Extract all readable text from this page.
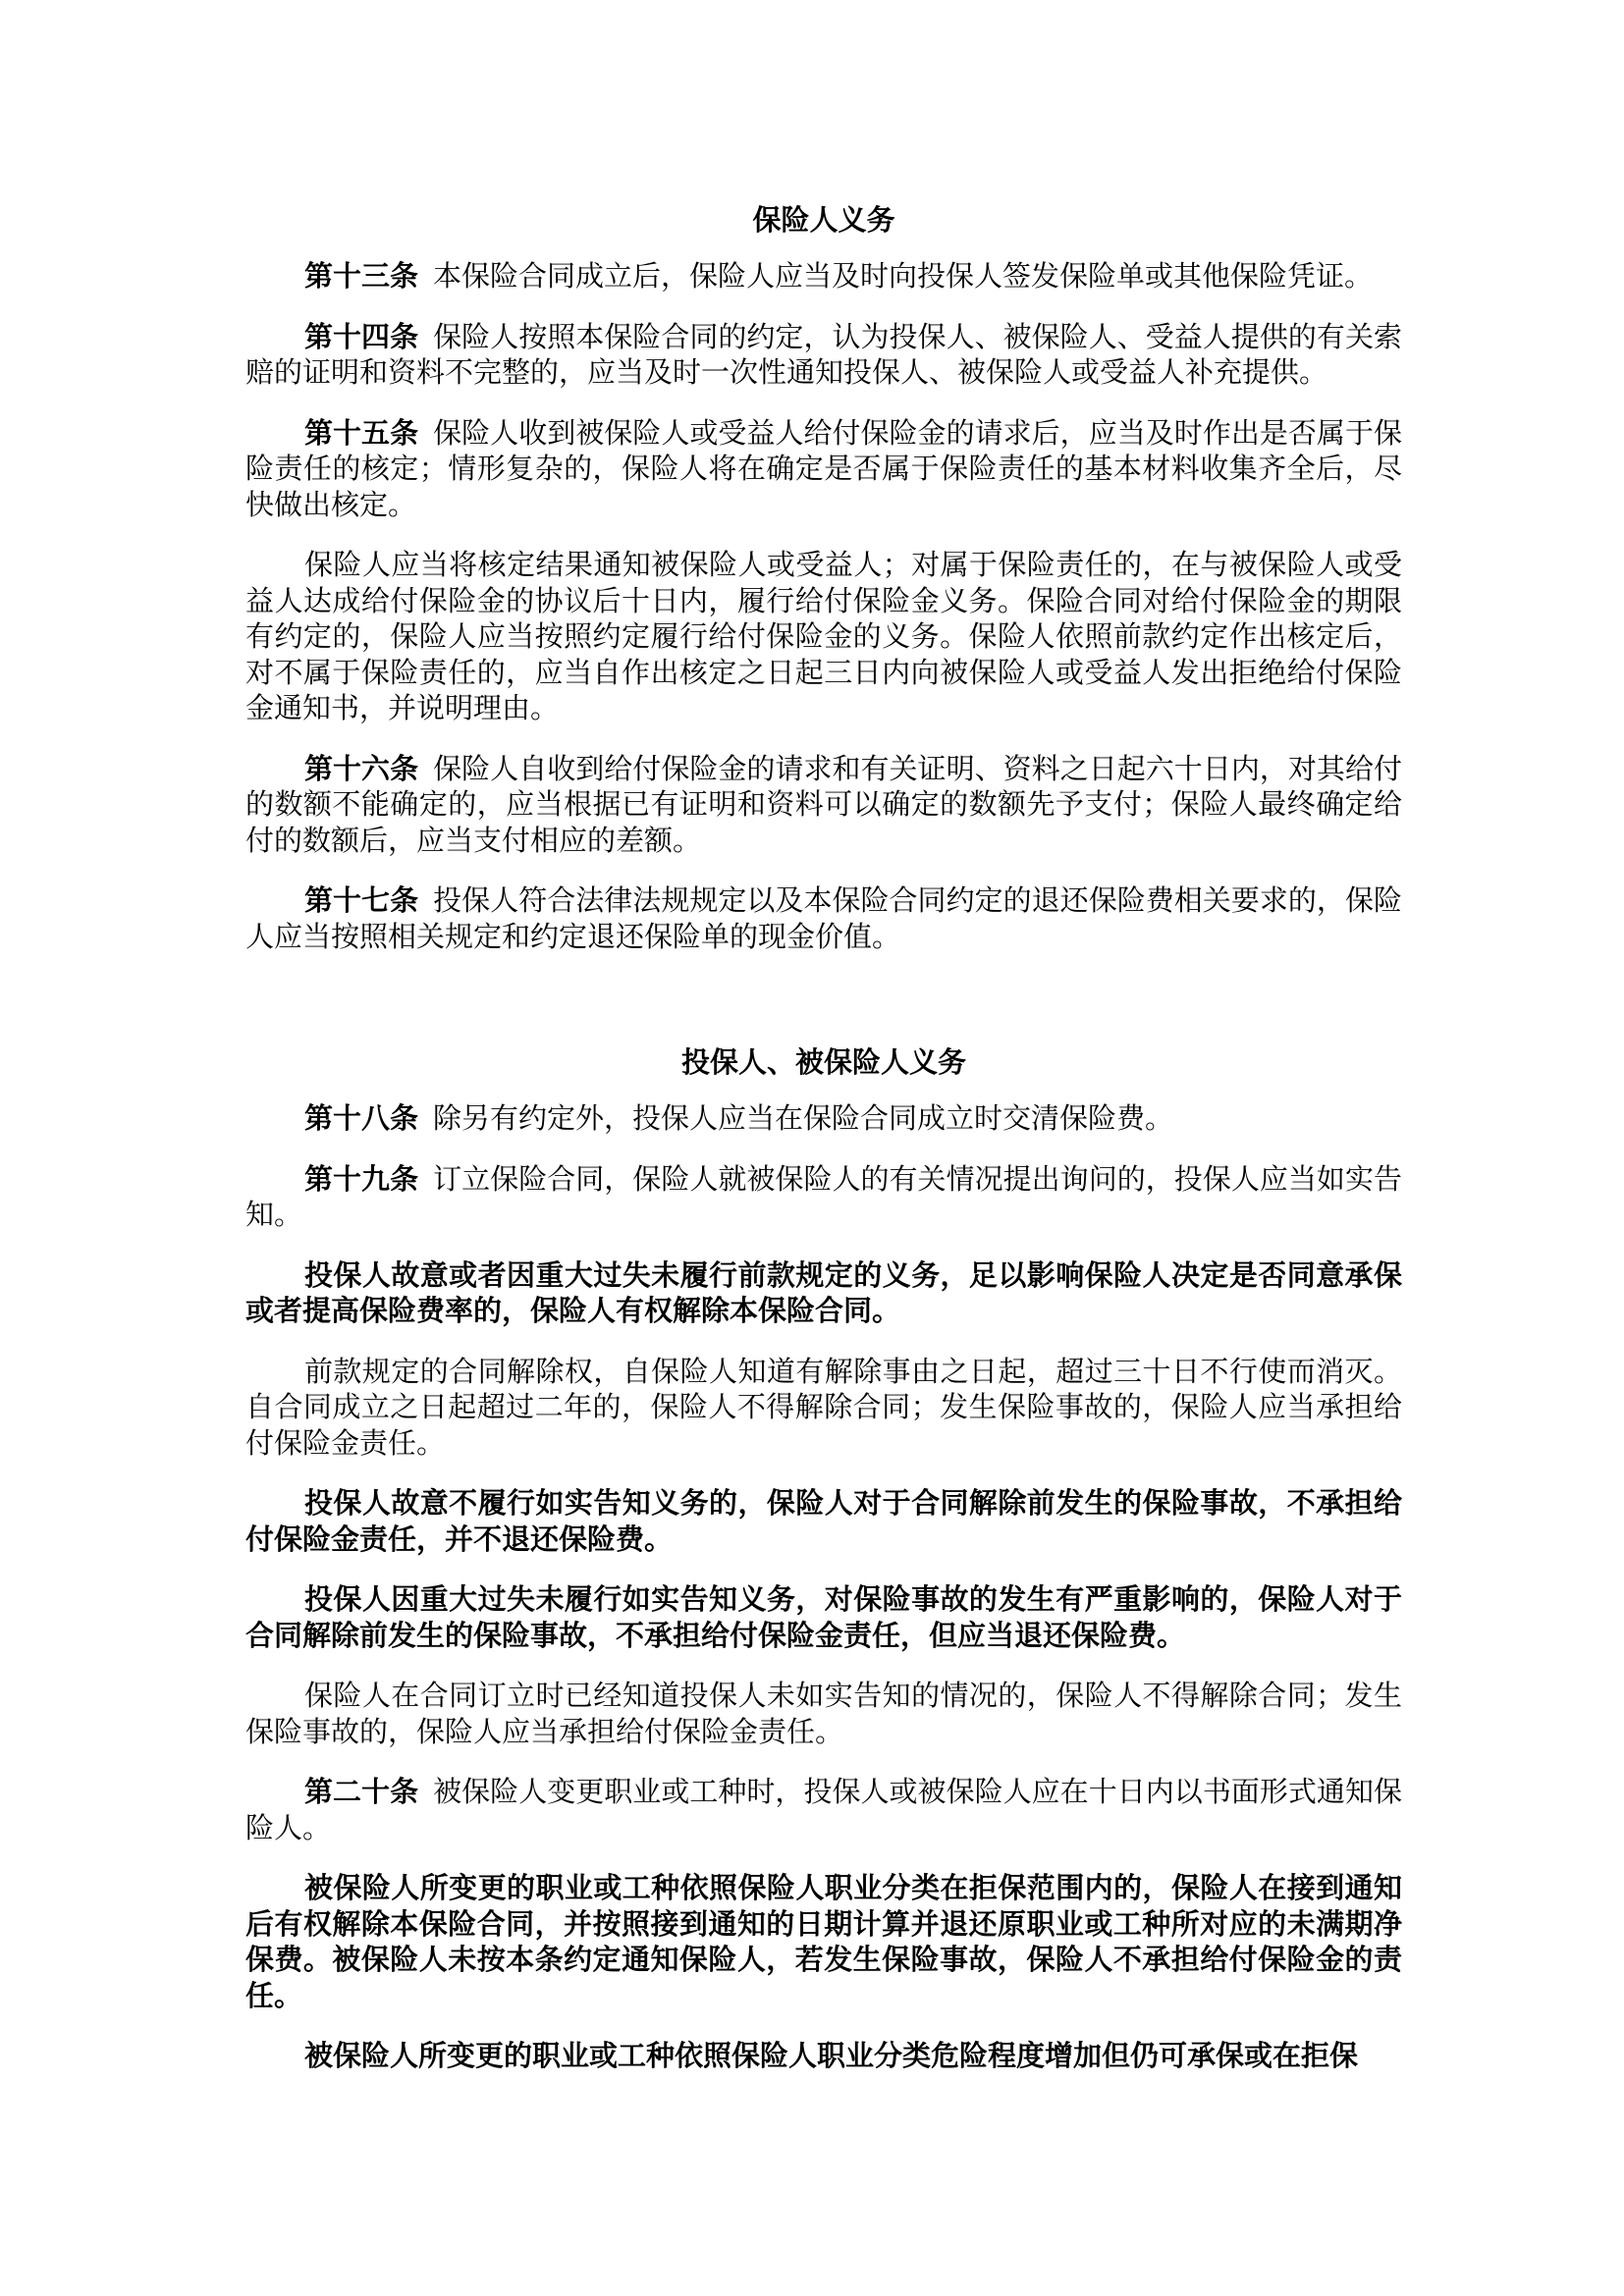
保险人义务

第十三条 本保险合同成立后，保险人应当及时向投保人签发保险单或其他保险凭证。

第十四条 保险人按照本保险合同的约定，认为投保人、被保险人、受益人提供的有关索赔的证明和资料不完整的，应当及时一次性通知投保人、被保险人或受益人补充提供。

第十五条 保险人收到被保险人或受益人给付保险金的请求后，应当及时作出是否属于保险责任的核定；情形复杂的，保险人将在确定是否属于保险责任的基本材料收集齐全后，尽快做出核定。

保险人应当将核定结果通知被保险人或受益人；对属于保险责任的，在与被保险人或受益人达成给付保险金的协议后十日内，履行给付保险金义务。保险合同对给付保险金的期限有约定的，保险人应当按照约定履行给付保险金的义务。保险人依照前款约定作出核定后，对不属于保险责任的，应当自作出核定之日起三日内向被保险人或受益人发出拒绝给付保险金通知书，并说明理由。

第十六条 保险人自收到给付保险金的请求和有关证明、资料之日起六十日内，对其给付的数额不能确定的，应当根据已有证明和资料可以确定的数额先予支付；保险人最终确定给付的数额后，应当支付相应的差额。

第十七条 投保人符合法律法规规定以及本保险合同约定的退还保险费相关要求的，保险人应当按照相关规定和约定退还保险单的现金价值。

投保人、被保险人义务

第十八条 除另有约定外，投保人应当在保险合同成立时交清保险费。

第十九条 订立保险合同，保险人就被保险人的有关情况提出询问的，投保人应当如实告知。

投保人故意或者因重大过失未履行前款规定的义务，足以影响保险人决定是否同意承保或者提高保险费率的，保险人有权解除本保险合同。

前款规定的合同解除权，自保险人知道有解除事由之日起，超过三十日不行使而消灭。自合同成立之日起超过二年的，保险人不得解除合同；发生保险事故的，保险人应当承担给付保险金责任。

投保人故意不履行如实告知义务的，保险人对于合同解除前发生的保险事故，不承担给付保险金责任，并不退还保险费。

投保人因重大过失未履行如实告知义务，对保险事故的发生有严重影响的，保险人对于合同解除前发生的保险事故，不承担给付保险金责任，但应当退还保险费。

保险人在合同订立时已经知道投保人未如实告知的情况的，保险人不得解除合同；发生保险事故的，保险人应当承担给付保险金责任。

第二十条 被保险人变更职业或工种时，投保人或被保险人应在十日内以书面形式通知保险人。

被保险人所变更的职业或工种依照保险人职业分类在拒保范围内的，保险人在接到通知后有权解除本保险合同，并按照接到通知的日期计算并退还原职业或工种所对应的未满期净保费。被保险人未按本条约定通知保险人，若发生保险事故，保险人不承担给付保险金的责任。

被保险人所变更的职业或工种依照保险人职业分类危险程度增加但仍可承保或在拒保
